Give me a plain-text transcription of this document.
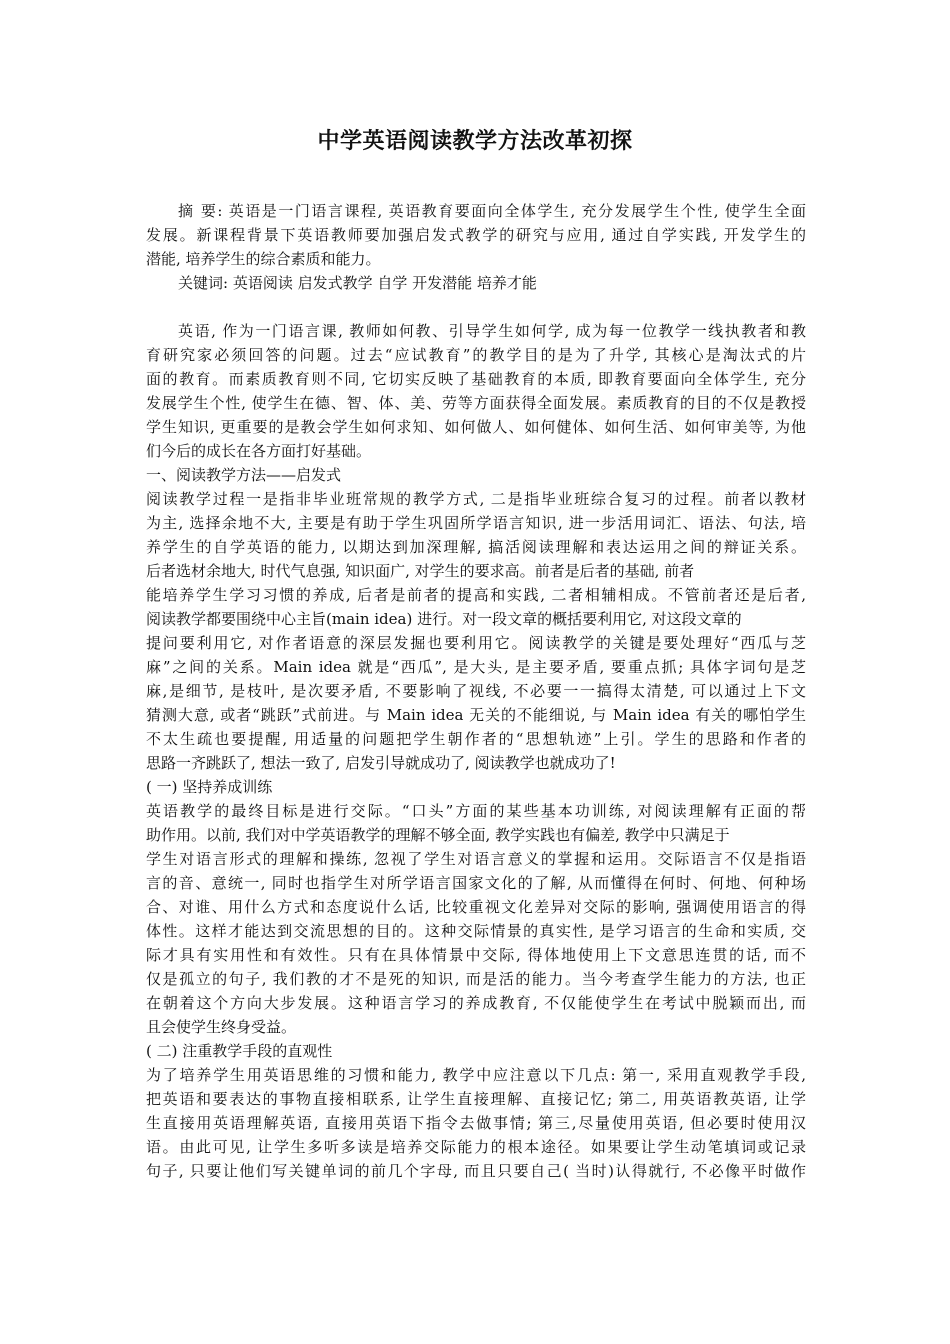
中学英语阅读教学方法改革初探
摘 要: 英语是一门语言课程, 英语教育要面向全体学生, 充分发展学生个性, 使学生全面
发展。新课程背景下英语教师要加强启发式教学的研究与应用, 通过自学实践, 开发学生的
潜能, 培养学生的综合素质和能力。
关键词: 英语阅读 启发式教学 自学 开发潜能 培养才能
英语, 作为一门语言课, 教师如何教、引导学生如何学, 成为每一位教学一线执教者和教
育研究家必须回答的问题。过去“应试教育”的教学目的是为了升学, 其核心是淘汰式的片
面的教育。而素质教育则不同, 它切实反映了基础教育的本质, 即教育要面向全体学生, 充分
发展学生个性, 使学生在德、智、体、美、劳等方面获得全面发展。素质教育的目的不仅是教授
学生知识, 更重要的是教会学生如何求知、如何做人、如何健体、如何生活、如何审美等, 为他
们今后的成长在各方面打好基础。
一、阅读教学方法——启发式
阅读教学过程一是指非毕业班常规的教学方式, 二是指毕业班综合复习的过程。前者以教材
为主, 选择余地不大, 主要是有助于学生巩固所学语言知识, 进一步活用词汇、语法、句法, 培
养学生的自学英语的能力, 以期达到加深理解, 搞活阅读理解和表达运用之间的辩证关系。
后者选材余地大, 时代气息强, 知识面广, 对学生的要求高。前者是后者的基础, 前者
能培养学生学习习惯的养成, 后者是前者的提高和实践, 二者相辅相成。不管前者还是后者,
阅读教学都要围绕中心主旨(main idea) 进行。对一段文章的概括要利用它, 对这段文章的
提问要利用它, 对作者语意的深层发掘也要利用它。阅读教学的关键是要处理好“西瓜与芝
麻”之间的关系。Main idea 就是“西瓜”, 是大头, 是主要矛盾, 要重点抓; 具体字词句是芝
麻,是细节, 是枝叶, 是次要矛盾, 不要影响了视线, 不必要一一搞得太清楚, 可以通过上下文
猜测大意, 或者“跳跃”式前进。与 Main idea 无关的不能细说, 与 Main idea 有关的哪怕学生
不太生疏也要提醒, 用适量的问题把学生朝作者的“思想轨迹”上引。学生的思路和作者的
思路一齐跳跃了, 想法一致了, 启发引导就成功了, 阅读教学也就成功了!
( 一) 坚持养成训练
英语教学的最终目标是进行交际。“口头”方面的某些基本功训练, 对阅读理解有正面的帮
助作用。以前, 我们对中学英语教学的理解不够全面, 教学实践也有偏差, 教学中只满足于
学生对语言形式的理解和操练, 忽视了学生对语言意义的掌握和运用。交际语言不仅是指语
言的音、意统一, 同时也指学生对所学语言国家文化的了解, 从而懂得在何时、何地、何种场
合、对谁、用什么方式和态度说什么话, 比较重视文化差异对交际的影响, 强调使用语言的得
体性。这样才能达到交流思想的目的。这种交际情景的真实性, 是学习语言的生命和实质, 交
际才具有实用性和有效性。只有在具体情景中交际, 得体地使用上下文意思连贯的话, 而不
仅是孤立的句子, 我们教的才不是死的知识, 而是活的能力。当今考查学生能力的方法, 也正
在朝着这个方向大步发展。这种语言学习的养成教育, 不仅能使学生在考试中脱颖而出, 而
且会使学生终身受益。
( 二) 注重教学手段的直观性
为了培养学生用英语思维的习惯和能力, 教学中应注意以下几点: 第一, 采用直观教学手段,
把英语和要表达的事物直接相联系, 让学生直接理解、直接记忆; 第二, 用英语教英语, 让学
生直接用英语理解英语, 直接用英语下指令去做事情; 第三,尽量使用英语, 但必要时使用汉
语。由此可见, 让学生多听多读是培养交际能力的根本途径。如果要让学生动笔填词或记录
句子, 只要让他们写关键单词的前几个字母, 而且只要自己( 当时)认得就行, 不必像平时做作
